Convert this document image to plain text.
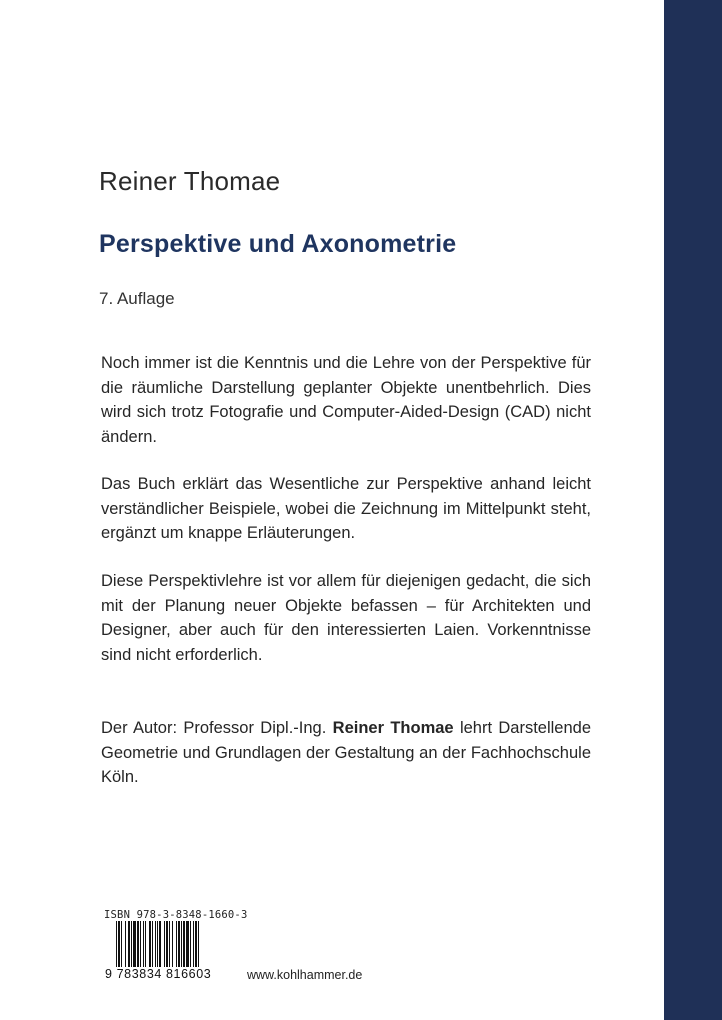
Reiner Thomae
Perspektive und Axonometrie
7. Auflage

Noch immer ist die Kenntnis und die Lehre von der Perspektive für die räumliche Darstellung geplanter Objekte unentbehrlich. Dies wird sich trotz Fotografie und Computer-Aided-Design (CAD) nicht ändern.

Das Buch erklärt das Wesentliche zur Perspektive anhand leicht verständlicher Beispiele, wobei die Zeichnung im Mittelpunkt steht, ergänzt um knappe Erläuterungen.

Diese Perspektivlehre ist vor allem für diejenigen gedacht, die sich mit der Planung neuer Objekte befassen – für Architekten und Designer, aber auch für den interessierten Laien. Vorkenntnisse sind nicht erforderlich.

Der Autor: Professor Dipl.-Ing. Reiner Thomae lehrt Darstellende Geometrie und Grundlagen der Gestaltung an der Fachhochschule Köln.

ISBN 978-3-8348-1660-3
9 783834 816603	www.kohlhammer.de
